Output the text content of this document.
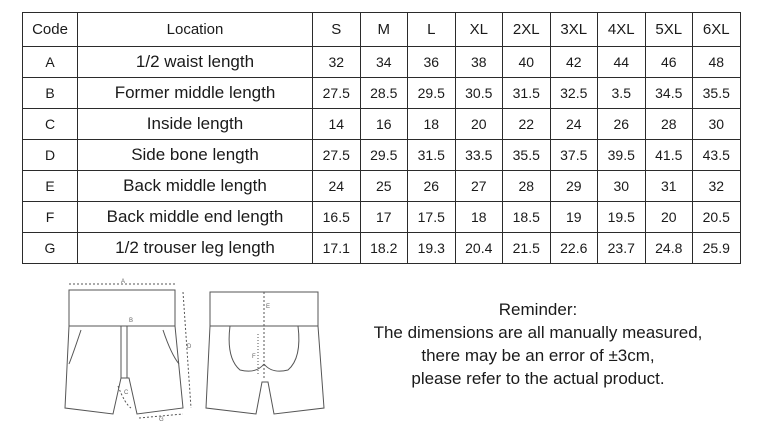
Code	Location	S	M	L	XL	2XL	3XL	4XL	5XL	6XL
A	1/2 waist length	32	34	36	38	40	42	44	46	48
B	Former middle length	27.5	28.5	29.5	30.5	31.5	32.5	3.5	34.5	35.5
C	Inside length	14	16	18	20	22	24	26	28	30
D	Side bone length	27.5	29.5	31.5	33.5	35.5	37.5	39.5	41.5	43.5
E	Back middle length	24	25	26	27	28	29	30	31	32
F	Back middle end length	16.5	17	17.5	18	18.5	19	19.5	20	20.5
G	1/2 trouser leg length	17.1	18.2	19.3	20.4	21.5	22.6	23.7	24.8	25.9
A
B
C
D
G
E
F
Reminder:
The dimensions are all manually measured,
there may be an error of ±3cm,
please refer to the actual product.
